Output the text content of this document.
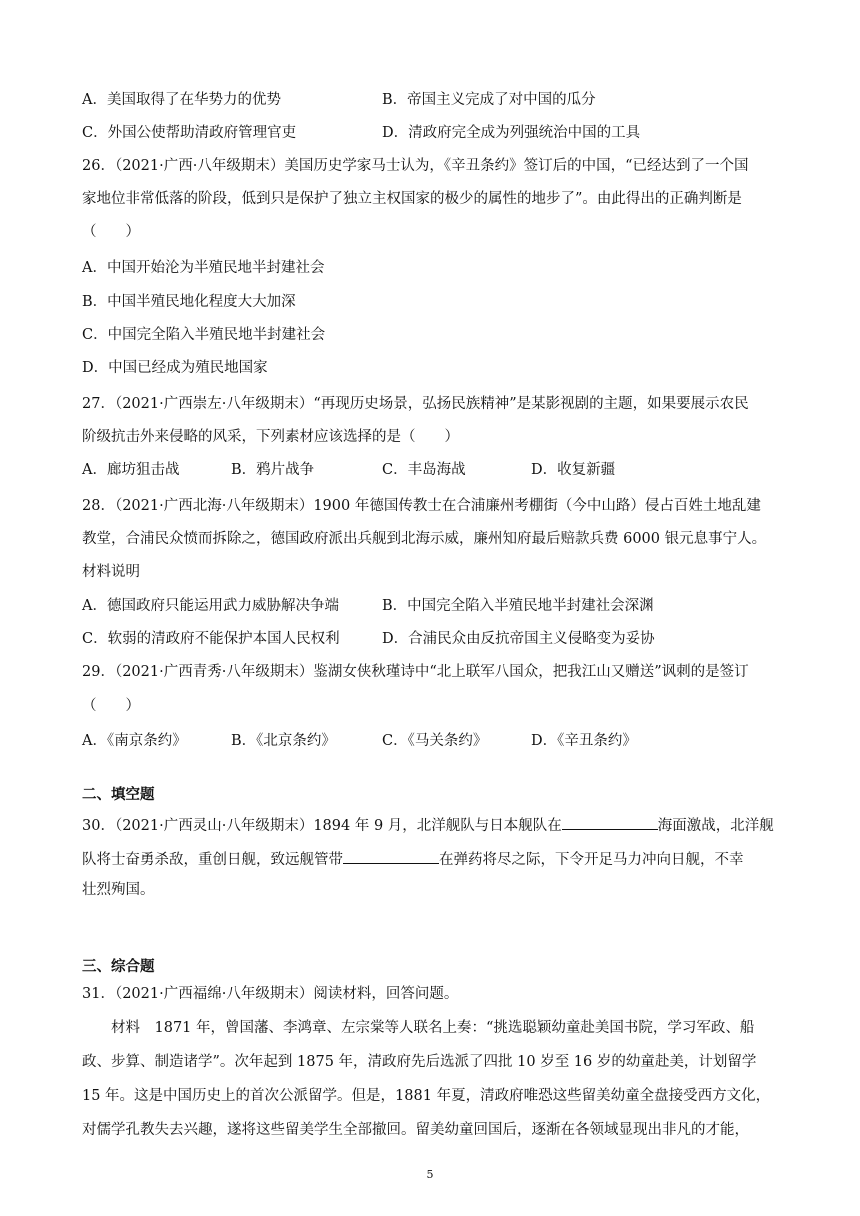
A．美国取得了在华势力的优势	B．帝国主义完成了对中国的瓜分
C．外国公使帮助清政府管理官吏	D．清政府完全成为列强统治中国的工具
26．（2021·广西·八年级期末）美国历史学家马士认为，《辛丑条约》签订后的中国，“已经达到了一个国
家地位非常低落的阶段，低到只是保护了独立主权国家的极少的属性的地步了”。由此得出的正确判断是
（　　）
A．中国开始沦为半殖民地半封建社会
B．中国半殖民地化程度大大加深
C．中国完全陷入半殖民地半封建社会
D．中国已经成为殖民地国家
27．（2021·广西崇左·八年级期末）“再现历史场景，弘扬民族精神”是某影视剧的主题，如果要展示农民
阶级抗击外来侵略的风采，下列素材应该选择的是（　　）
A．廊坊狙击战	B．鸦片战争	C．丰岛海战	D．收复新疆
28．（2021·广西北海·八年级期末）1900 年德国传教士在合浦廉州考棚街（今中山路）侵占百姓土地乱建
教堂，合浦民众愤而拆除之，德国政府派出兵舰到北海示威，廉州知府最后赔款兵费 6000 银元息事宁人。
材料说明
A．德国政府只能运用武力威胁解决争端	B．中国完全陷入半殖民地半封建社会深渊
C．软弱的清政府不能保护本国人民权利	D．合浦民众由反抗帝国主义侵略变为妥协
29．（2021·广西青秀·八年级期末）鉴湖女侠秋瑾诗中“北上联军八国众，把我江山又赠送”讽刺的是签订
（　　）
A．《南京条约》	B．《北京条约》	C．《马关条约》	D．《辛丑条约》
二、填空题
30．（2021·广西灵山·八年级期末）1894 年 9 月，北洋舰队与日本舰队在	海面激战，北洋舰
队将士奋勇杀敌，重创日舰，致远舰管带	在弹药将尽之际，下令开足马力冲向日舰，不幸
壮烈殉国。
三、综合题
31．（2021·广西福绵·八年级期末）阅读材料，回答问题。
　　材料　1871 年，曾国藩、李鸿章、左宗棠等人联名上奏：“挑选聪颖幼童赴美国书院，学习军政、船
政、步算、制造诸学”。次年起到 1875 年，清政府先后选派了四批 10 岁至 16 岁的幼童赴美，计划留学
15 年。这是中国历史上的首次公派留学。但是，1881 年夏，清政府唯恐这些留美幼童全盘接受西方文化，
对儒学孔教失去兴趣，遂将这些留美学生全部撤回。留美幼童回国后，逐渐在各领域显现出非凡的才能，
5
